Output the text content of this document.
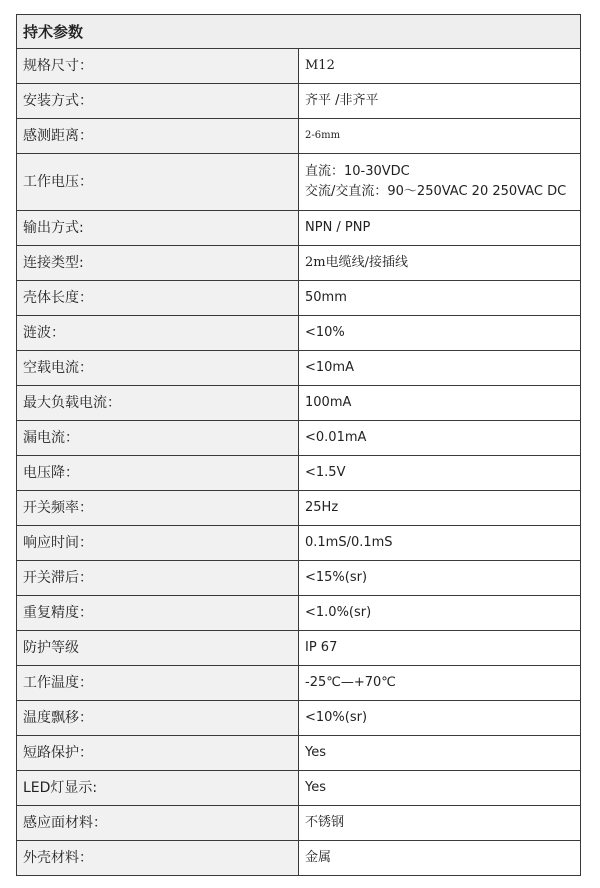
持术参数	
规格尺寸：	M12
安装方式：	齐平 /非齐平
感测距离：	2-6mm
工作电压：	直流：10-30VDC
交流/交直流：90～250VAC 20 250VAC DC

输出方式:	NPN / PNP
连接类型:	2m电缆线/接插线
壳体长度：	50mm
涟波：	<10%
空载电流：	<10mA
最大负载电流：	100mA
漏电流：	<0.01mA
电压降：	<1.5V
开关频率：	25Hz
响应时间：	0.1mS/0.1mS
开关滞后：	<15%(sr)
重复精度：	<1.0%(sr)
防护等级	IP 67
工作温度：	-25℃—+70℃
温度飘移：	<10%(sr)
短路保护：	Yes
LED灯显示:	Yes
感应面材料：	不锈钢
外壳材料：	金属
